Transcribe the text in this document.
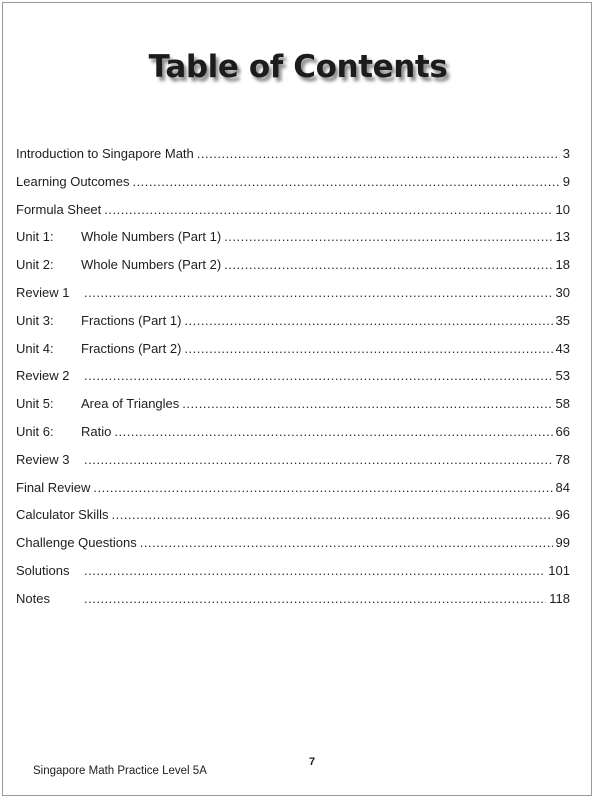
Table of Contents
Introduction to Singapore Math .....	3
Learning Outcomes .....	9
Formula Sheet .....	10
Unit 1:	Whole Numbers (Part 1) .....	13
Unit 2:	Whole Numbers (Part 2) .....	18
Review 1 .....	30
Unit 3:	Fractions (Part 1) .....	35
Unit 4:	Fractions (Part 2) .....	43
Review 2 .....	53
Unit 5:	Area of Triangles .....	58
Unit 6:	Ratio .....	66
Review 3 .....	78
Final Review .....	84
Calculator Skills .....	96
Challenge Questions .....	99
Solutions .....	101
Notes .....	118
7
Singapore Math Practice Level 5A
